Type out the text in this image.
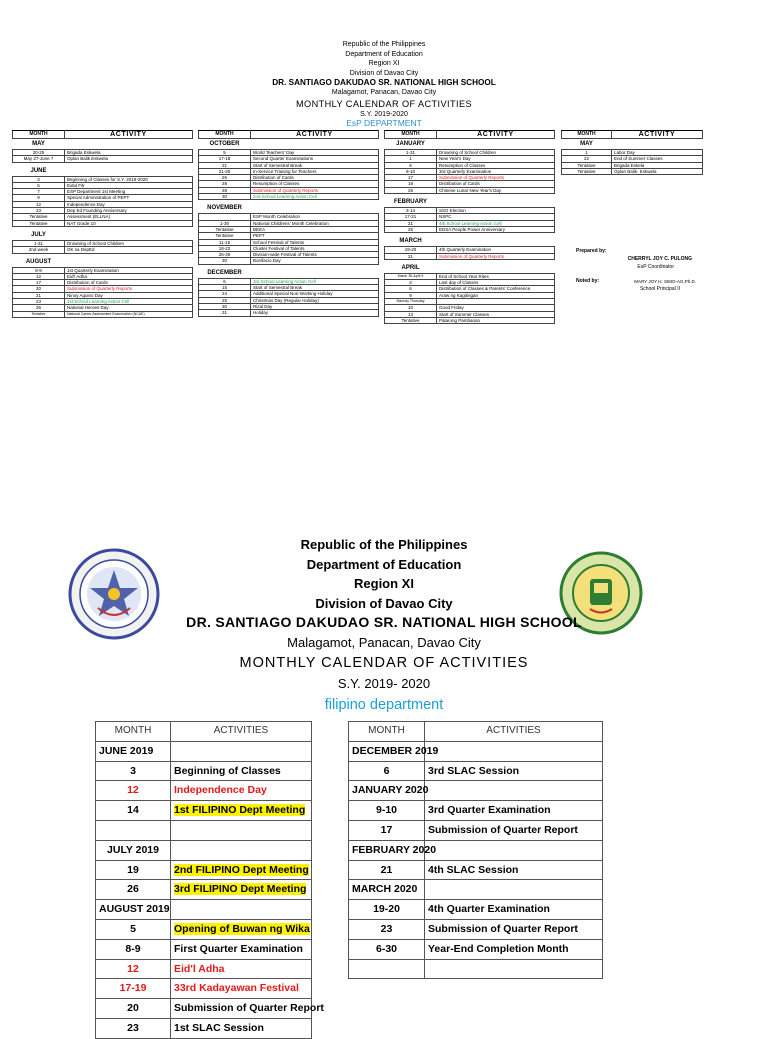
Republic of the Philippines
Department of Education
Region XI
Division of Davao City
DR. SANTIAGO DAKUDAO SR. NATIONAL HIGH SCHOOL
Malagamot, Panacan, Davao City
MONTHLY CALENDAR OF ACTIVITIES
S.Y. 2019-2020
EsP DEPARTMENT
MONTH	ACTIVITY
MAY	
20-25	Brigada Eskwela
May 27-June 7	Oplan Balik Eskwela

JUNE	
3	Beginning of Classes for S.Y. 2019-2020
5	Eidul Fitr
7	ESP Department 1st Meeting
9	Special Administration of PEPT
12	Independence Day
23	Dep Ed Founding Anniversary
Tentative	Assessment (ELLNA)
Tentative	NAT Grade 10

JULY	
1-31	Drowning of School Children
2nd week	OK sa DepEd

AUGUST	
8-9	1st Quarterly Examination
12	Eid'l Adha
17	Distribution of Cards
20	Submission of Quarterly Reports
21	Ninoy Aquino Day
23	1st School Learning Action Cell
26	National Heroes Day
Tentative	National Career Assessment Examination (NCAE)
MONTH	ACTIVITY
OCTOBER	
5	World Teachers' Day
17-18	Second Quarter Examinations
21	Start of Semestral Break
21-25	In-Service Training for Teachers
26	Distribution of Cards
28	Resumption of Classes
28	Submission of Quarterly Reports
30	2nd School Learning Action Cell

NOVEMBER	
	ESP Month Celebration
1-30	National Childrens' Month Celebration
Tentative	BEEA
Tentative	PEPT
11-15	School Festival of Talents
18-22	Cluster Festival of Talents
25-29	Division-wide Festival of Talents
30	Bonifacio Day

DECEMBER	
6	3rd School Learning Action Cell
15	Start of Semestral Break
24	Additional Special Non-Working Holiday
25	Christmas Day (Regular Holiday)
30	Rizal Day
31	Holiday
MONTH	ACTIVITY
JANUARY	
1-31	Drowning of School Children
1	New Year's Day
6	Resumption of Classes
9-10	3rd Quarterly Examination
17	Submission of Quarterly Reports
18	Distribution of Cards
25	Chinese Lunar New Year's Day

FEBRUARY	
3-14	SSG Election
17-21	NSPC
21	4th School Learning Action Cell
25	EDSA People Power Anniversary

MARCH	
19-20	4th Quarterly Examination
21	Submission of Quarterly Reports

APRIL	
March 30-April 3	End of School Year Rites
3	Last day of Classes
6	Distribution of Classes & Parents' Conference
9	Araw ng Kagitingan
Maundy Thursday	
10	Good Friday
13	Start of Summer Classes
Tentative	Palarong Pambansa
MONTH	ACTIVITY
MAY	
1	Labor Day
22	End of Summer Classes
Tentative	Brigada Eskela
Tentative	Oplan Balik- Eskwela
Prepared by:
CHERRYL JOY C. PULONG
EsP Coordinator
Noted by:	MARY JOY H. SIMO-AG,Ph.D.
School Principal II
Republic of the Philippines
Department of Education
Region XI
Division of Davao City
DR. SANTIAGO DAKUDAO SR. NATIONAL HIGH SCHOOL
Malagamot, Panacan, Davao City
MONTHLY CALENDAR OF ACTIVITIES
S.Y. 2019- 2020
filipino department
MONTH	ACTIVITIES
JUNE 2019	
3	Beginning of Classes
12	Independence Day
14	1st FILIPINO Dept Meeting

JULY 2019	
19	2nd FILIPINO Dept Meeting
26	3rd FILIPINO Dept Meeting
AUGUST 2019	
5	Opening of Buwan ng Wika
8-9	First Quarter Examination
12	Eid'l Adha
17-19	33rd Kadayawan Festival
20	Submission of Quarter Report
23	1st SLAC Session
MONTH	ACTIVITIES
DECEMBER 2019	
6	3rd SLAC Session
JANUARY 2020	
9-10	3rd Quarter Examination
17	Submission of Quarter Report
FEBRUARY 2020	
21	4th SLAC Session
MARCH 2020	
19-20	4th Quarter Examination
23	Submission of Quarter Report
6-30	Year-End Completion Month
